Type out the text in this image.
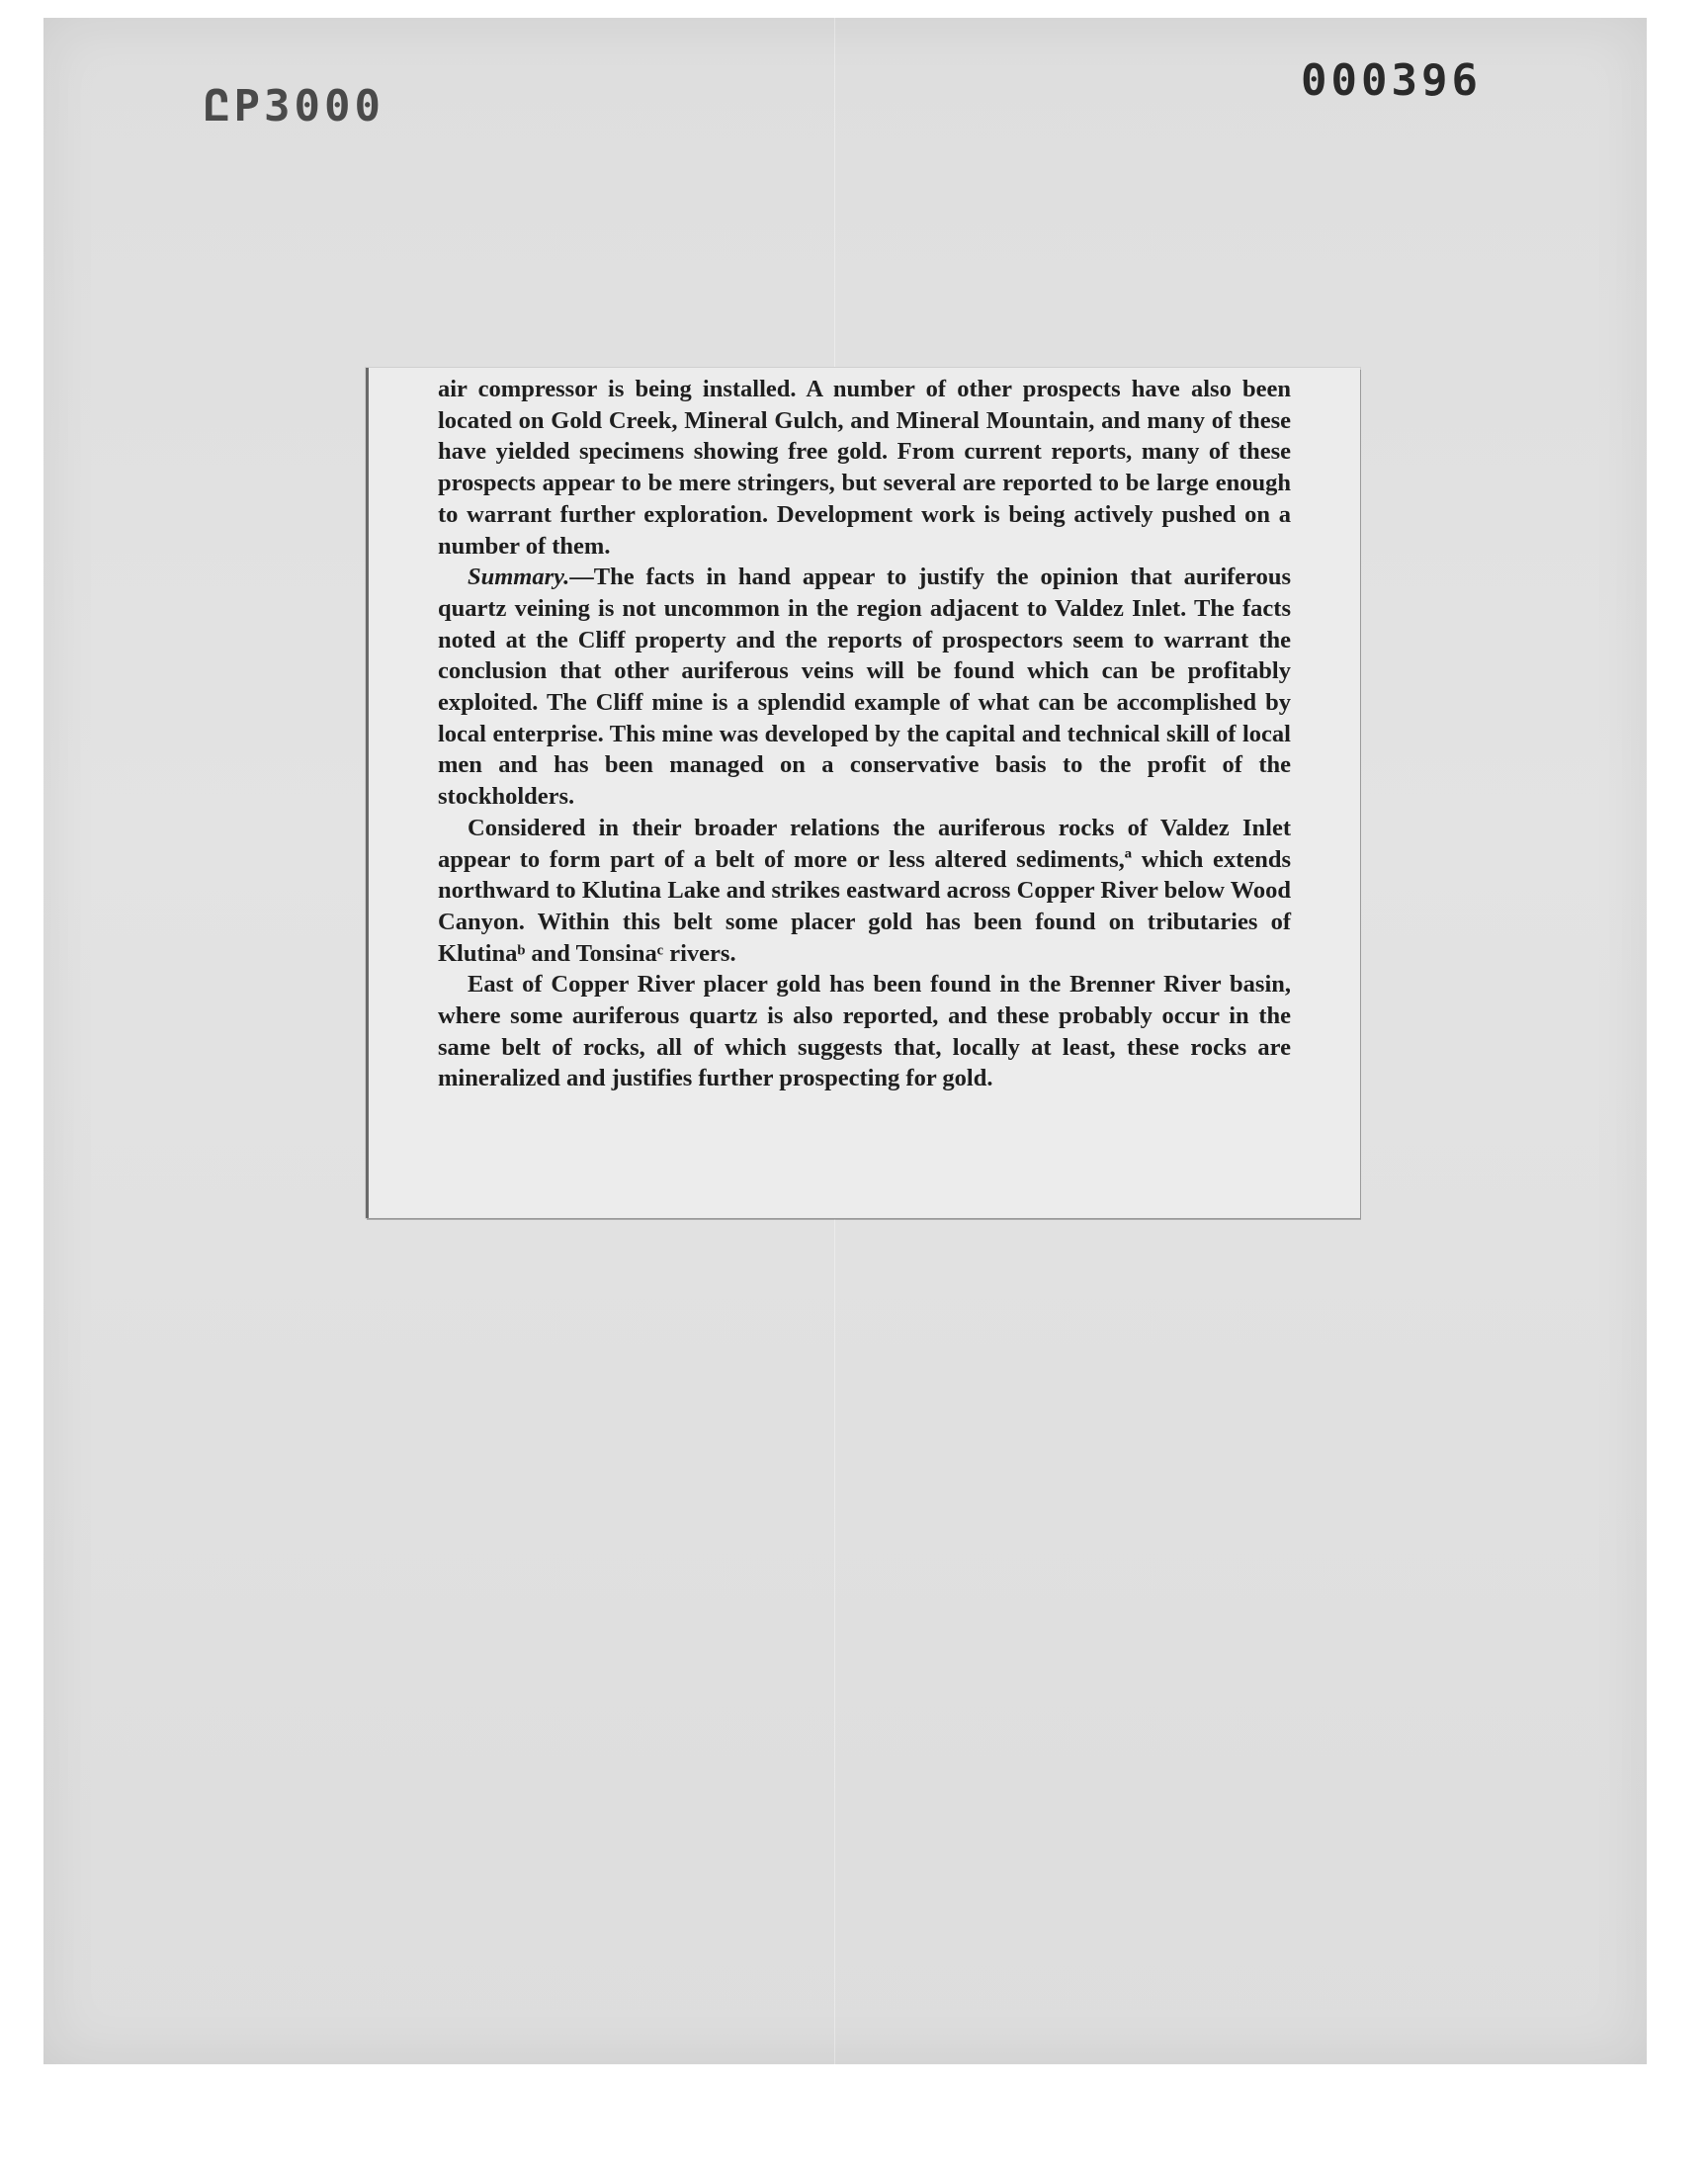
ԸP3000
000396

air compressor is being installed. A number of other prospects have also been located on Gold Creek, Mineral Gulch, and Mineral Mountain, and many of these have yielded specimens showing free gold. From current reports, many of these prospects appear to be mere stringers, but several are reported to be large enough to warrant further exploration. Development work is being actively pushed on a number of them.

Summary.—The facts in hand appear to justify the opinion that auriferous quartz veining is not uncommon in the region adjacent to Valdez Inlet. The facts noted at the Cliff property and the reports of prospectors seem to warrant the conclusion that other auriferous veins will be found which can be profitably exploited. The Cliff mine is a splendid example of what can be accomplished by local enterprise. This mine was developed by the capital and technical skill of local men and has been managed on a conservative basis to the profit of the stockholders.

Considered in their broader relations the auriferous rocks of Valdez Inlet appear to form part of a belt of more or less altered sediments,ª which extends northward to Klutina Lake and strikes eastward across Copper River below Wood Canyon. Within this belt some placer gold has been found on tributaries of Klutinaᵇ and Tonsinaᶜ rivers.

East of Copper River placer gold has been found in the Brenner River basin, where some auriferous quartz is also reported, and these probably occur in the same belt of rocks, all of which suggests that, locally at least, these rocks are mineralized and justifies further prospecting for gold.
